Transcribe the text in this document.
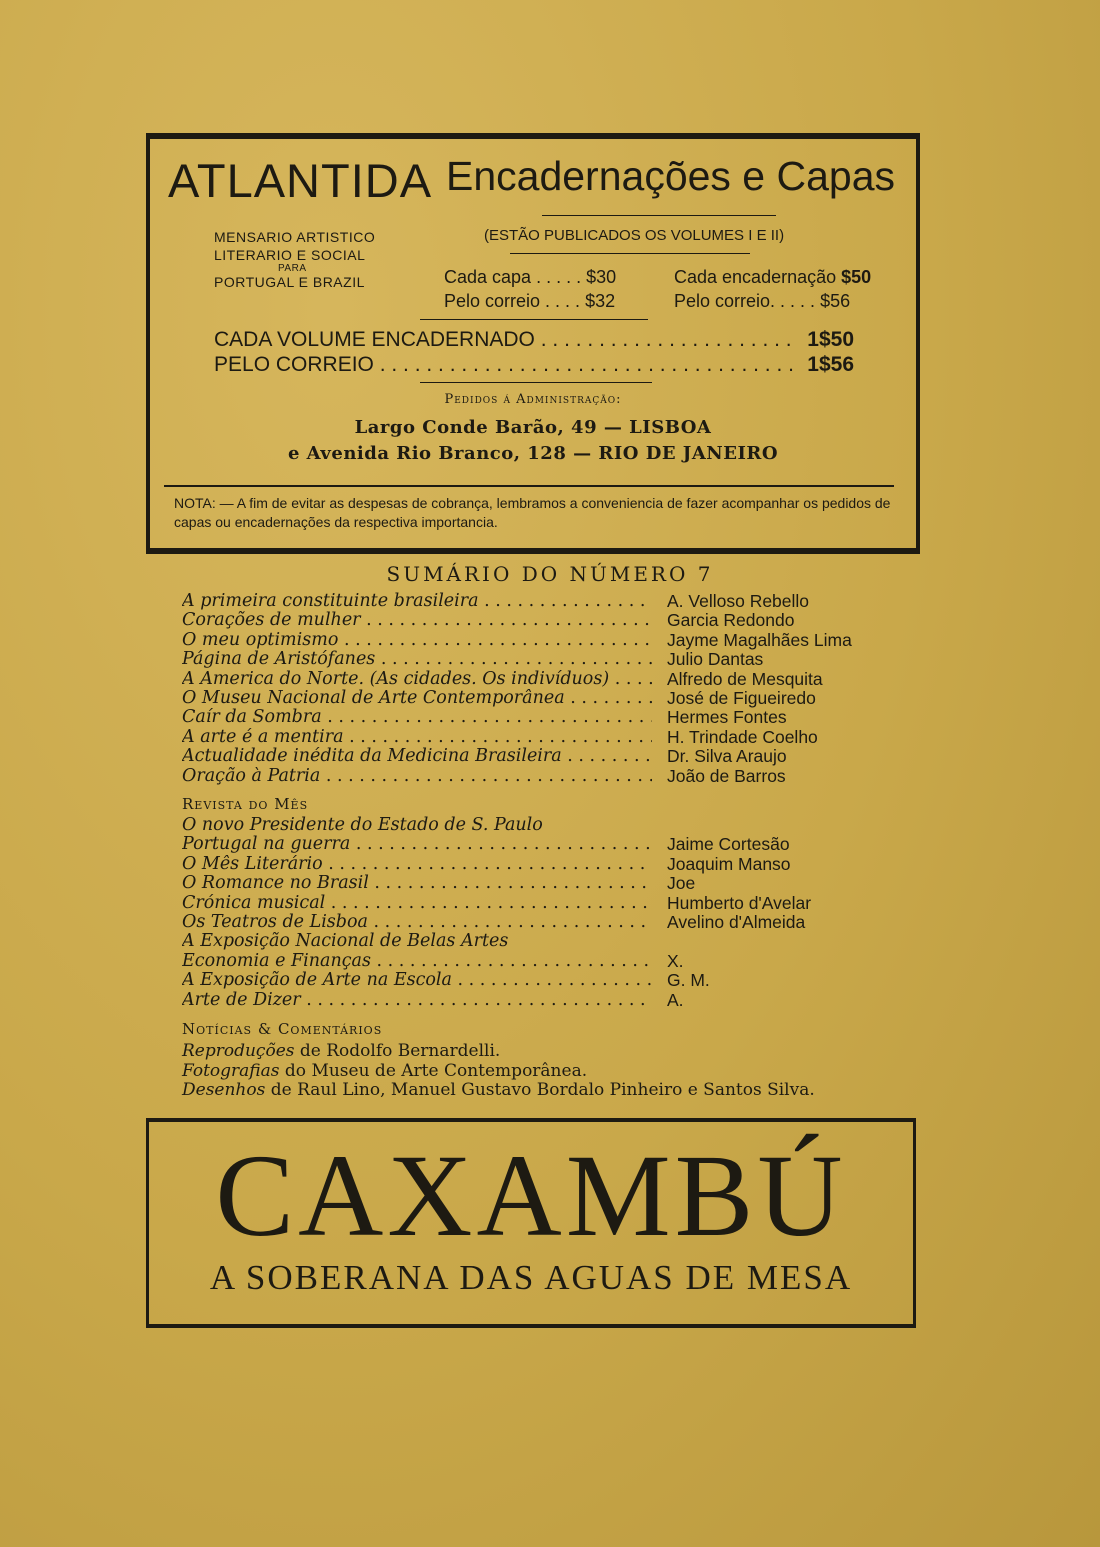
ATLANTIDA Encadernações e Capas
MENSARIO ARTISTICO
LITERARIO E SOCIAL

PARA
PORTUGAL E BRAZIL
(ESTÃO PUBLICADOS OS VOLUMES I E II)
Cada capa . . . . . $30
Pelo correio . . . . $32
Cada encadernação $50
Pelo correio. . . . . $56
CADA VOLUME ENCADERNADO . . .	1$50
PELO CORREIO . . .	1$56
Pedidos á Administração:
Largo Conde Barão, 49 — LISBOA
e Avenida Rio Branco, 128 — RIO DE JANEIRO
NOTA: — A fim de evitar as despesas de cobrança, lembramos a conveniencia de fazer acompanhar os pedidos de capas ou encadernações da respectiva importancia.
SUMÁRIO DO NÚMERO 7
A primeira constituinte brasileira . . .	A. Velloso Rebello
Corações de mulher . . .	Garcia Redondo
O meu optimismo . . .	Jayme Magalhães Lima
Página de Aristófanes . . .	Julio Dantas
A America do Norte. (As cidades. Os indivíduos) . . .	Alfredo de Mesquita
O Museu Nacional de Arte Contemporânea . . .	José de Figueiredo
Caír da Sombra . . .	Hermes Fontes
A arte é a mentira . . .	H. Trindade Coelho
Actualidade inédita da Medicina Brasileira . . .	Dr. Silva Araujo
Oração à Patria . . .	João de Barros
Revista do Mês
O novo Presidente do Estado de S. Paulo
Portugal na guerra . . .	Jaime Cortesão
O Mês Literário . . .	Joaquim Manso
O Romance no Brasil . . .	Joe
Crónica musical . . .	Humberto d'Avelar
Os Teatros de Lisboa . . .	Avelino d'Almeida
A Exposição Nacional de Belas Artes
Economia e Finanças . . .	X.
A Exposição de Arte na Escola . . .	G. M.
Arte de Dizer . . .	A.
Notícias & Comentários
Reproduções de Rodolfo Bernardelli.
Fotografias do Museu de Arte Contemporânea.
Desenhos de Raul Lino, Manuel Gustavo Bordalo Pinheiro e Santos Silva.
CAXAMBÚ
A SOBERANA DAS AGUAS DE MESA
